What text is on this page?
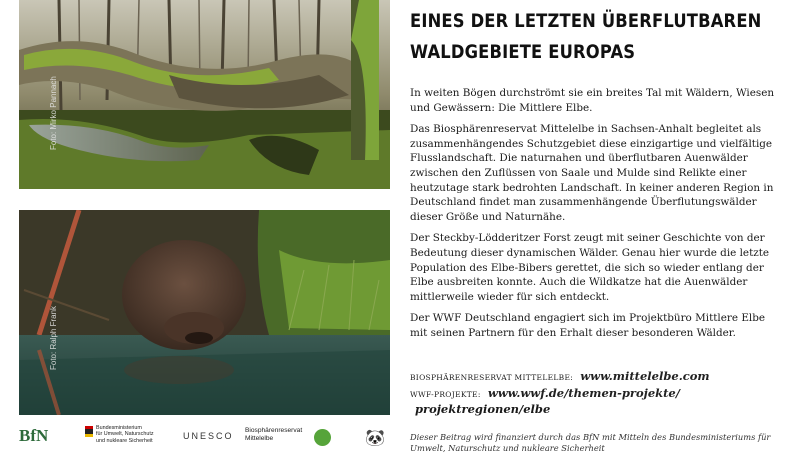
Foto: Mirko Pannach
Foto: Ralph Frank
EINES DER LETZTEN ÜBERFLUTBAREN
WALDGEBIETE EUROPAS

In weiten Bögen durchströmt sie ein breites Tal mit Wäldern, Wiesen und Gewässern: Die Mittlere Elbe.

Das Biosphärenreservat Mittelelbe in Sachsen-Anhalt begleitet als zusammenhängendes Schutzgebiet diese einzigartige und vielfältige Flusslandschaft. Die naturnahen und überflutbaren Auenwälder zwischen den Zuflüssen von Saale und Mulde sind Relikte einer heutzutage stark bedrohten Landschaft. In keiner anderen Region in Deutschland findet man zusammenhängende Überflutungswälder dieser Größe und Naturnähe.

Der Steckby-Lödderitzer Forst zeugt mit seiner Geschichte von der Bedeutung dieser dynamischen Wälder. Genau hier wurde die letzte Population des Elbe-Bibers gerettet, die sich so wieder entlang der Elbe ausbreiten konnte. Auch die Wildkatze hat die Auenwälder mittlerweile wieder für sich entdeckt.

Der WWF Deutschland engagiert sich im Projektbüro Mittlere Elbe mit seinen Partnern für den Erhalt dieser besonderen Wälder.

BIOSPHÄRENRESERVAT MITTELELBE: www.mittelelbe.com
WWF-PROJEKTE: www.wwf.de/themen-projekte/
projektregionen/elbe
Dieser Beitrag wird finanziert durch das BfN mit Mitteln des Bundesministeriums für Umwelt, Naturschutz und nukleare Sicherheit
BfN	Bundesministerium
für Umwelt, Naturschutz
und nukleare Sicherheit	UNESCO
Biosphärenreservat
Mittelelbe	🐼
